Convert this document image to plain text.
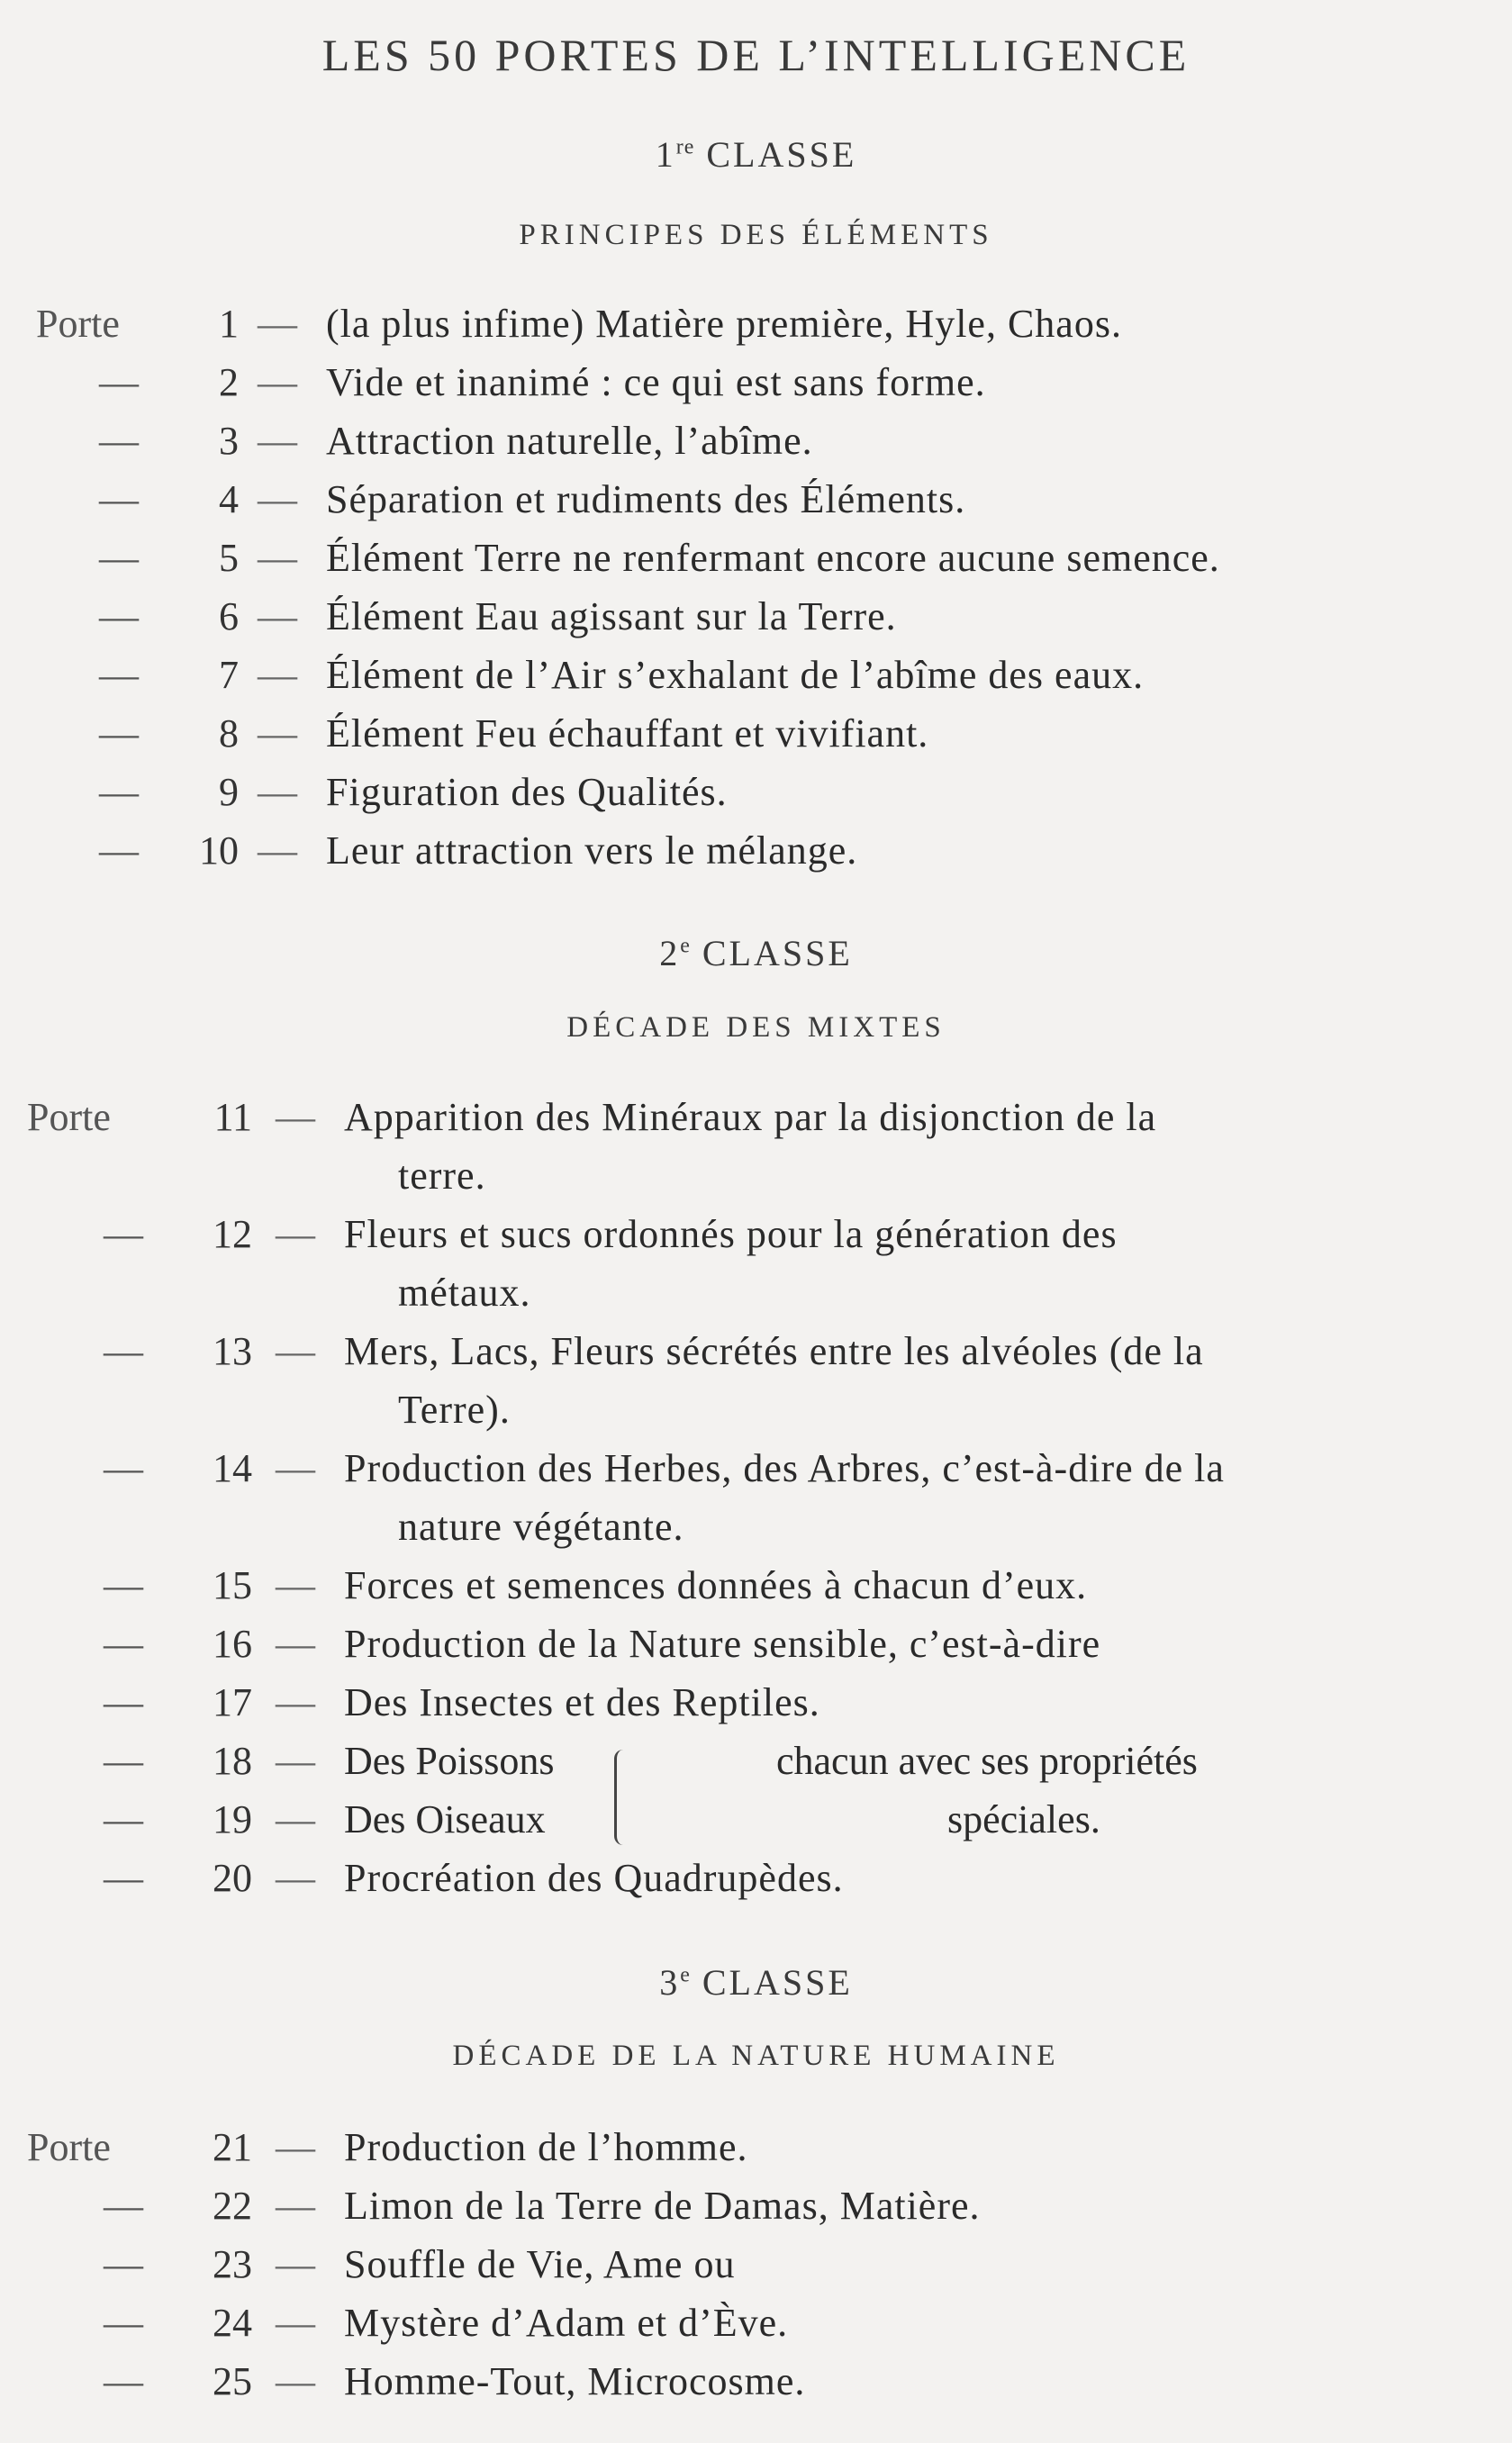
LES 50 PORTES DE L’INTELLIGENCE
1re CLASSE
PRINCIPES DES ÉLÉMENTS
Porte	1 — (la plus infime) Matière première, Hyle, Chaos.
—	2 — Vide et inanimé : ce qui est sans forme.
—	3 — Attraction naturelle, l’abîme.
—	4 — Séparation et rudiments des Éléments.
—	5 — Élément Terre ne renfermant encore aucune semence.
—	6 — Élément Eau agissant sur la Terre.
—	7 — Élément de l’Air s’exhalant de l’abîme des eaux.
—	8 — Élément Feu échauffant et vivifiant.
—	9 — Figuration des Qualités.
—	10 — Leur attraction vers le mélange.
2e CLASSE
DÉCADE DES MIXTES
Porte	11 — Apparition des Minéraux par la disjonction de la
terre.
—	12 — Fleurs et sucs ordonnés pour la génération des
métaux.
—	13 — Mers, Lacs, Fleurs sécrétés entre les alvéoles (de la
Terre).
—	14 — Production des Herbes, des Arbres, c’est-à-dire de la
nature végétante.
—	15 — Forces et semences données à chacun d’eux.
—	16 — Production de la Nature sensible, c’est-à-dire
—	17 — Des Insectes et des Reptiles.
—	18 — Des Poissons	chacun avec ses propriétés
—	19 — Des Oiseaux	spéciales.
—	20 — Procréation des Quadrupèdes.
3e CLASSE
DÉCADE DE LA NATURE HUMAINE
Porte	21 — Production de l’homme.
—	22 — Limon de la Terre de Damas, Matière.
—	23 — Souffle de Vie, Ame ou
—	24 — Mystère d’Adam et d’Ève.
—	25 — Homme-Tout, Microcosme.
